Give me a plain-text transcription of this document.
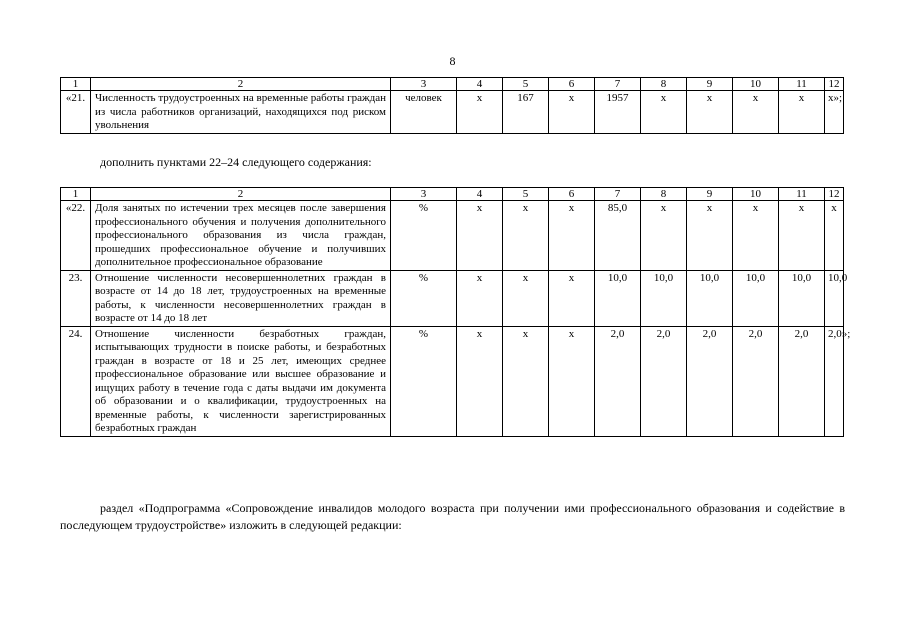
8
1	2	3	4	5	6	7	8	9	10	11	12
«21.	Численность трудоустроенных на временные работы граждан из числа работников организаций, находящихся под риском увольнения	человек	x	167	x	1957	x	x	x	x	x»;
дополнить пунктами 22–24 следующего содержания:
1	2	3	4	5	6	7	8	9	10	11	12
«22.	Доля занятых по истечении трех месяцев после завершения профессионального обучения и получения дополнительного профессионального образования из числа граждан, прошедших профессиональное обучение и получивших дополнительное профессиональное образование	%	x	x	x	85,0	x	x	x	x	x
23.	Отношение численности несовершеннолетних граждан в возрасте от 14 до 18 лет, трудоустроенных на временные работы, к численности несовершеннолетних граждан в возрасте от 14 до 18 лет	%	x	x	x	10,0	10,0	10,0	10,0	10,0	10,0
24.	Отношение численности безработных граждан, испытывающих трудности в поиске работы, и безработных граждан в возрасте от 18 и 25 лет, имеющих среднее профессиональное образование или высшее образование и ищущих работу в течение года с даты выдачи им документа об образовании и о квалификации, трудоустроенных на временные работы, к численности зарегистрированных безработных граждан	%	x	x	x	2,0	2,0	2,0	2,0	2,0	2,0»;
раздел «Подпрограмма «Сопровождение инвалидов молодого возраста при получении ими профессионального образования и содействие в последующем трудоустройстве» изложить в следующей редакции:
